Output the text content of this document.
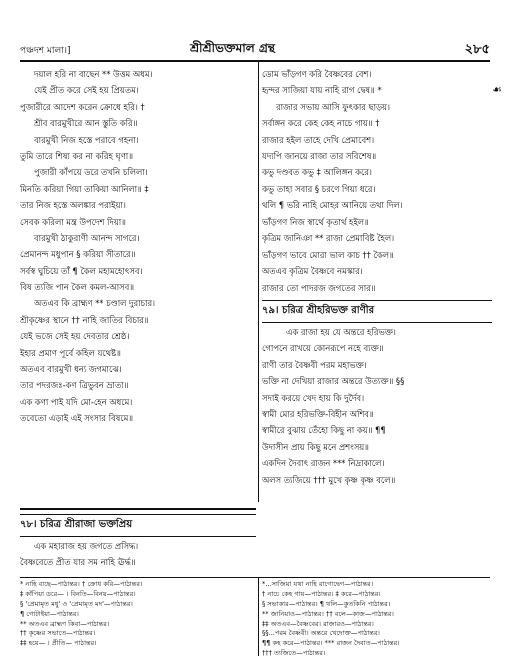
পঞ্চদশ মালা।]	শ্রীশ্রীভক্তমাল গ্রন্থ	২৮৫
☙
দয়াল হরি না বাছেন ** উত্তম অধম।
যেই প্রীত করে সেই হয় প্রিয়তম।
পুজারীরে আদেশ করেন ক্রোধে হরি। †
শ্রীব বারমুখীরে আন স্তুতি করি॥
বারমুখী নিজ হস্তে পরাবে গহনা।
তুমি তারে শিষ্য কর না করিহ ঘৃণা॥
পুজারী কাঁপয়ে ডরে তখনি চলিলা।
মিনতি করিয়া গিয়া তাকিয়া আনিলা॥ ‡
তার নিজ হস্তে অলঙ্কার পরাইয়া।
সেবক করিলা মন্ত্র উপদেশ দিয়া॥
বারমুখী ঠাকুরাণী আনন্দ সাগরে।
প্রেমানন্দ মধুপান § করিয়া সীতারে॥
সর্বস্ব ঘুচিয়ে তাঁ ¶ কৈল মহামহোৎসব।
বিষ ত্যজি পান কৈল কমল-আসব॥
অতএব কি ব্রাহ্মণ ** চণ্ডাল দুরাচার।
শ্রীকৃষ্ণের স্থানে †† নাহি জাতির বিচার॥
যেই ভজে সেই হয় দেবতার শ্রেষ্ঠ।
ইহার প্রমাণ পূর্বে কহিল যথেষ্ট॥
অতএব বারমুখী ধন্য জগমাঝে।
তার পদরজঃ-কণ ত্রিভুবন ভ্রাতা॥
এক কণা পাই যদি মো-হেন অধমে।
তবেতো এড়াই এই সংসার বিষমে॥
৭৮। চরিত্র শ্রীরাজা ভক্তপ্রিয়
এক মহারাজ হয় জগতে প্রসিদ্ধ।
বৈষ্ণবেতে প্রীত যার সম নাহি ঊর্দ্ধ॥
ডোম ভাঁড়গণ করি বৈষ্ণবের বেশ।
হৃন্দর সাজিয়া যায় নাহি রাগ দ্বেষ॥ *
রাজার সভায় আসি ফুৎকার ছাড়য়।
সর্বাঙ্গন করে কেহ কেহ নাচে গায়॥ †
রাজার হইল তাহে দেখি প্রেমাবেশ।
যদ্যপি জানয়ে রাজা তার সবিশেষ॥
কভু দণ্ডবত কভু ‡ আলিঙ্গন করে।
কভু তাহা সবার § চরণে গিয়া ধরে।
থলি ¶ ভরি নাহি মোহর আনিয়ে তথা দিল।
ভাঁড়গণ নিজ স্বার্থে কৃতার্থ হইল॥
কৃত্রিম জানিঞা ** রাজা প্রেমাবিষ্ট হৈল।
ভাঁড়গণ ভাবে মোরা ভাল কাচ †† কৈল॥
অতএব কৃত্রিম বৈষ্ণবে নমস্কার।
রাজার তো পাদরজ জগতের সার॥
৭৯। চরিত্র শ্রীহরিভক্ত রাণীর
এক রাজা হয় যে অন্তরে হরিভক্ত।
গোপনে রাখয়ে কোনরূপে নহে ব্যক্ত॥
রাণী তার বৈষ্ণবী পরম মহাভক্ত।
ভক্তি না দেখিয়া রাজার অন্তরে উত্যক্ত॥ §§
সদাই করয়ে খেদ হায় কি দুর্দৈব।
স্বামী মোর হরিভক্তি-বিহীন অশিব॥
স্বামীরে বুঝায় তেঁহো কিছু না কয়॥ ¶¶
উদাসীন প্রায় কিছু মনে প্রশংসয়॥
একদিন দৈবাৎ রাজন *** নিদ্রাকালে।
অলস ত্যজিয়ে ††† মুখে কৃষ্ণ কৃষ্ণ বলে॥
* নাহি বাছে—পাঠান্তর। † ক্রোধ করি—পাঠান্তর।
‡ কাঁপিয়া ডরে— । বিনতি—বিনয়—পাঠান্তর।
§ 'প্রেমামৃত মধু' ও 'প্রেমামৃত মদ'—পাঠান্তর।
¶ গোটাইয়া—পাঠান্তর।
** অতএব ব্রাহ্মণ কিবা—পাঠান্তর।
†† কৃষ্ণের সভাতে—পাঠান্তর।
‡‡ হয়ে— । প্রীতি— পাঠান্তর।
*...সাজিয়া যথা নাহি রাগোদ্বেগ—পাঠান্তর।
† নাচে কেহ গায়—পাঠান্তর। ‡ করে—পাঠান্তর।
§ সভাকার—পাঠান্তর। ¶ থলি—কুতকিনি পাঠান্তর।
** জানিয়াও—পাঠান্তর। †† বলে—কাজ—পাঠান্তর।
‡‡ অতএব—বৈষ্ণবের। রাজারও—পাঠান্তর।
§§...পরম বৈষ্ণবী। অন্তরে খেদোক্ত—পাঠান্তর।
¶¶ কহ করে—পাঠান্তর। *** রাজন দৈবাত—পাঠান্তর।
††† ত্যজিতে—পাঠান্তর।
